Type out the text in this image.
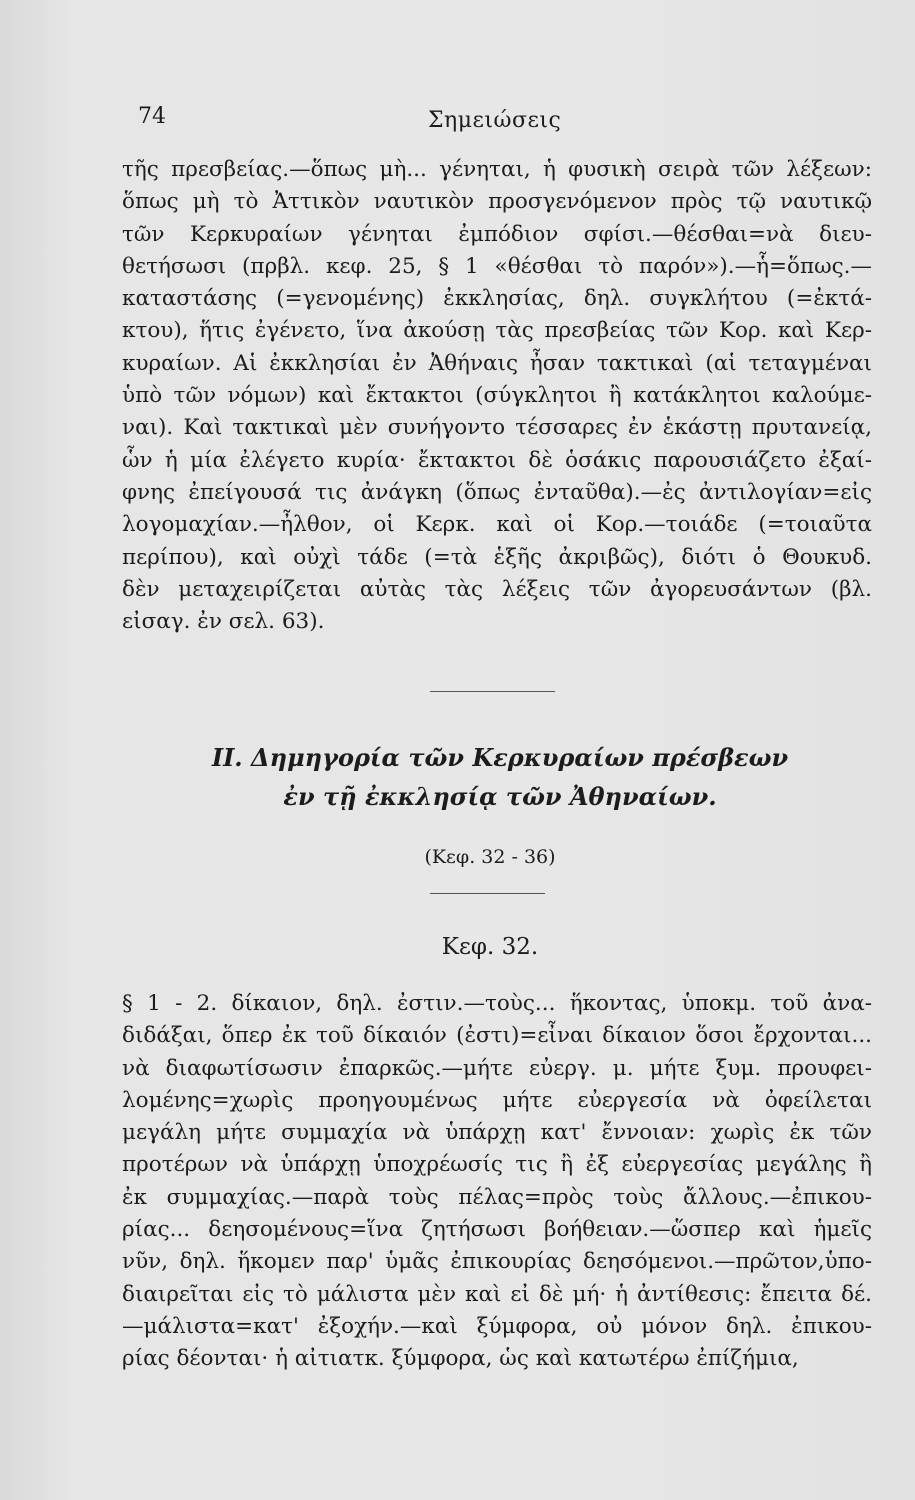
74	Σημειώσεις
τῆς πρεσβείας.—ὅπως μὴ... γένηται, ἡ φυσικὴ σειρὰ τῶν λέξεων:
ὅπως μὴ τὸ Ἀττικὸν ναυτικὸν προσγενόμενον πρὸς τῷ ναυτικῷ
τῶν Κερκυραίων γένηται ἐμπόδιον σφίσι.—θέσθαι=νὰ διευ-
θετήσωσι (πρβλ. κεφ. 25, § 1 «θέσθαι τὸ παρόν»).—ἧ=ὅπως.—
καταστάσης (=γενομένης) ἐκκλησίας, δηλ. συγκλήτου (=ἐκτά-
κτου), ἥτις ἐγένετο, ἵνα ἀκούσῃ τὰς πρεσβείας τῶν Κορ. καὶ Κερ-
κυραίων. Αἱ ἐκκλησίαι ἐν Ἀθήναις ἦσαν τακτικαὶ (αἱ τεταγμέναι
ὑπὸ τῶν νόμων) καὶ ἔκτακτοι (σύγκλητοι ἢ κατάκλητοι καλούμε-
ναι). Καὶ τακτικαὶ μὲν συνήγοντο τέσσαρες ἐν ἑκάστῃ πρυτανείᾳ,
ὧν ἡ μία ἐλέγετο κυρία· ἔκτακτοι δὲ ὁσάκις παρουσιάζετο ἐξαί-
φνης ἐπείγουσά τις ἀνάγκη (ὅπως ἐνταῦθα).—ἐς ἀντιλογίαν=εἰς
λογομαχίαν.—ἦλθον, οἱ Κερκ. καὶ οἱ Κορ.—τοιάδε (=τοιαῦτα
περίπου), καὶ οὐχὶ τάδε (=τὰ ἑξῆς ἀκριβῶς), διότι ὁ Θουκυδ.
δὲν μεταχειρίζεται αὐτὰς τὰς λέξεις τῶν ἀγορευσάντων (βλ.
εἰσαγ. ἐν σελ. 63).
ΙΙ. Δημηγορία τῶν Κερκυραίων πρέσβεων
ἐν τῇ ἐκκλησίᾳ τῶν Ἀθηναίων.
(Κεφ. 32 - 36)
Κεφ. 32.
§ 1 - 2. δίκαιον, δηλ. ἐστιν.—τοὺς... ἥκοντας, ὑποκμ. τοῦ ἀνα-
διδάξαι, ὅπερ ἐκ τοῦ δίκαιόν (ἐστι)=εἶναι δίκαιον ὅσοι ἔρχονται...
νὰ διαφωτίσωσιν ἐπαρκῶς.—μήτε εὐεργ. μ. μήτε ξυμ. προυφει-
λομένης=χωρὶς προηγουμένως μήτε εὐεργεσία νὰ ὀφείλεται
μεγάλη μήτε συμμαχία νὰ ὑπάρχῃ κατ' ἔννοιαν: χωρὶς ἐκ τῶν
προτέρων νὰ ὑπάρχῃ ὑποχρέωσίς τις ἢ ἐξ εὐεργεσίας μεγάλης ἢ
ἐκ συμμαχίας.—παρὰ τοὺς πέλας=πρὸς τοὺς ἄλλους.—ἐπικου-
ρίας... δεησομένους=ἵνα ζητήσωσι βοήθειαν.—ὥσπερ καὶ ἡμεῖς
νῦν, δηλ. ἥκομεν παρ' ὑμᾶς ἐπικουρίας δεησόμενοι.—πρῶτον,ὑπο-
διαιρεῖται εἰς τὸ μάλιστα μὲν καὶ εἰ δὲ μή· ἡ ἀντίθεσις: ἔπειτα δέ.
—μάλιστα=κατ' ἐξοχήν.—καὶ ξύμφορα, οὐ μόνον δηλ. ἐπικου-
ρίας δέονται· ἡ αἰτιατκ. ξύμφορα, ὡς καὶ κατωτέρω ἐπίζήμια,
